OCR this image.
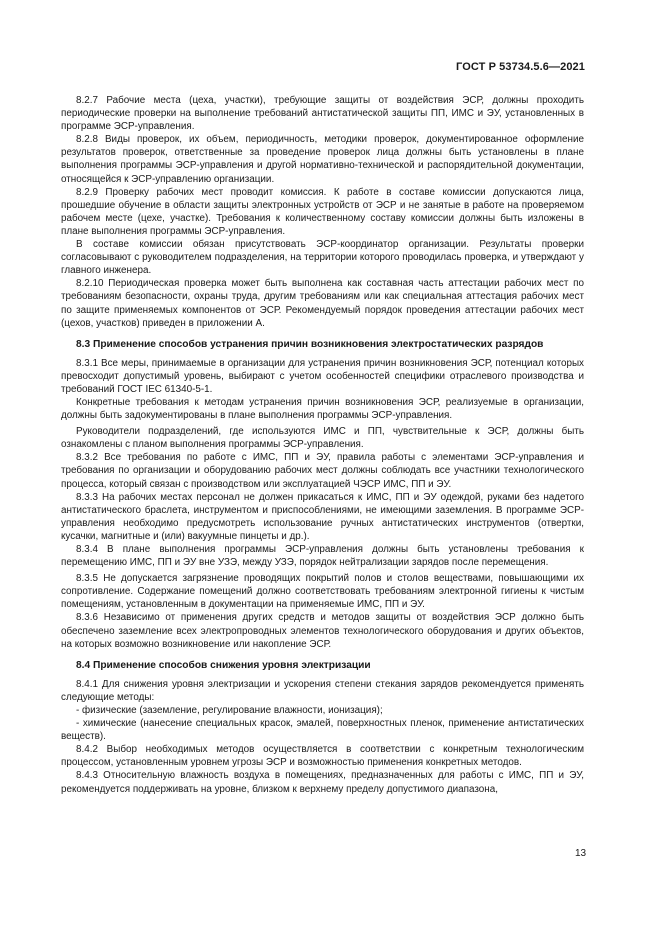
ГОСТ Р 53734.5.6—2021

8.2.7 Рабочие места (цеха, участки), требующие защиты от воздействия ЭСР, должны проходить периодические проверки на выполнение требований антистатической защиты ПП, ИМС и ЭУ, установленных в программе ЭСР-управления.

8.2.8 Виды проверок, их объем, периодичность, методики проверок, документированное оформление результатов проверок, ответственные за проведение проверок лица должны быть установлены в плане выполнения программы ЭСР-управления и другой нормативно-технической и распорядительной документации, относящейся к ЭСР-управлению организации.

8.2.9 Проверку рабочих мест проводит комиссия. К работе в составе комиссии допускаются лица, прошедшие обучение в области защиты электронных устройств от ЭСР и не занятые в работе на проверяемом рабочем месте (цехе, участке). Требования к количественному составу комиссии должны быть изложены в плане выполнения программы ЭСР-управления.

В составе комиссии обязан присутствовать ЭСР-координатор организации. Результаты проверки согласовывают с руководителем подразделения, на территории которого проводилась проверка, и утверждают у главного инженера.

8.2.10 Периодическая проверка может быть выполнена как составная часть аттестации рабочих мест по требованиям безопасности, охраны труда, другим требованиям или как специальная аттестация рабочих мест по защите применяемых компонентов от ЭСР. Рекомендуемый порядок проведения аттестации рабочих мест (цехов, участков) приведен в приложении А.

8.3 Применение способов устранения причин возникновения электростатических разрядов

8.3.1 Все меры, принимаемые в организации для устранения причин возникновения ЭСР, потенциал которых превосходит допустимый уровень, выбирают с учетом особенностей специфики отраслевого производства и требований ГОСТ IEC 61340-5-1.

Конкретные требования к методам устранения причин возникновения ЭСР, реализуемые в организации, должны быть задокументированы в плане выполнения программы ЭСР-управления.

Руководители подразделений, где используются ИМС и ПП, чувствительные к ЭСР, должны быть ознакомлены с планом выполнения программы ЭСР-управления.

8.3.2 Все требования по работе с ИМС, ПП и ЭУ, правила работы с элементами ЭСР-управления и требования по организации и оборудованию рабочих мест должны соблюдать все участники технологического процесса, который связан с производством или эксплуатацией ЧЭСР ИМС, ПП и ЭУ.

8.3.3 На рабочих местах персонал не должен прикасаться к ИМС, ПП и ЭУ одеждой, руками без надетого антистатического браслета, инструментом и приспособлениями, не имеющими заземления. В программе ЭСР-управления необходимо предусмотреть использование ручных антистатических инструментов (отвертки, кусачки, магнитные и (или) вакуумные пинцеты и др.).

8.3.4 В плане выполнения программы ЭСР-управления должны быть установлены требования к перемещению ИМС, ПП и ЭУ вне УЗЭ, между УЗЭ, порядок нейтрализации зарядов после перемещения.

8.3.5 Не допускается загрязнение проводящих покрытий полов и столов веществами, повышающими их сопротивление. Содержание помещений должно соответствовать требованиям электронной гигиены к чистым помещениям, установленным в документации на применяемые ИМС, ПП и ЭУ.

8.3.6 Независимо от применения других средств и методов защиты от воздействия ЭСР должно быть обеспечено заземление всех электропроводных элементов технологического оборудования и других объектов, на которых возможно возникновение или накопление ЭСР.

8.4 Применение способов снижения уровня электризации

8.4.1 Для снижения уровня электризации и ускорения степени стекания зарядов рекомендуется применять следующие методы:

- физические (заземление, регулирование влажности, ионизация);

- химические (нанесение специальных красок, эмалей, поверхностных пленок, применение антистатических веществ).

8.4.2 Выбор необходимых методов осуществляется в соответствии с конкретным технологическим процессом, установленным уровнем угрозы ЭСР и возможностью применения конкретных методов.

8.4.3 Относительную влажность воздуха в помещениях, предназначенных для работы с ИМС, ПП и ЭУ, рекомендуется поддерживать на уровне, близком к верхнему пределу допустимого диапазона,

13
